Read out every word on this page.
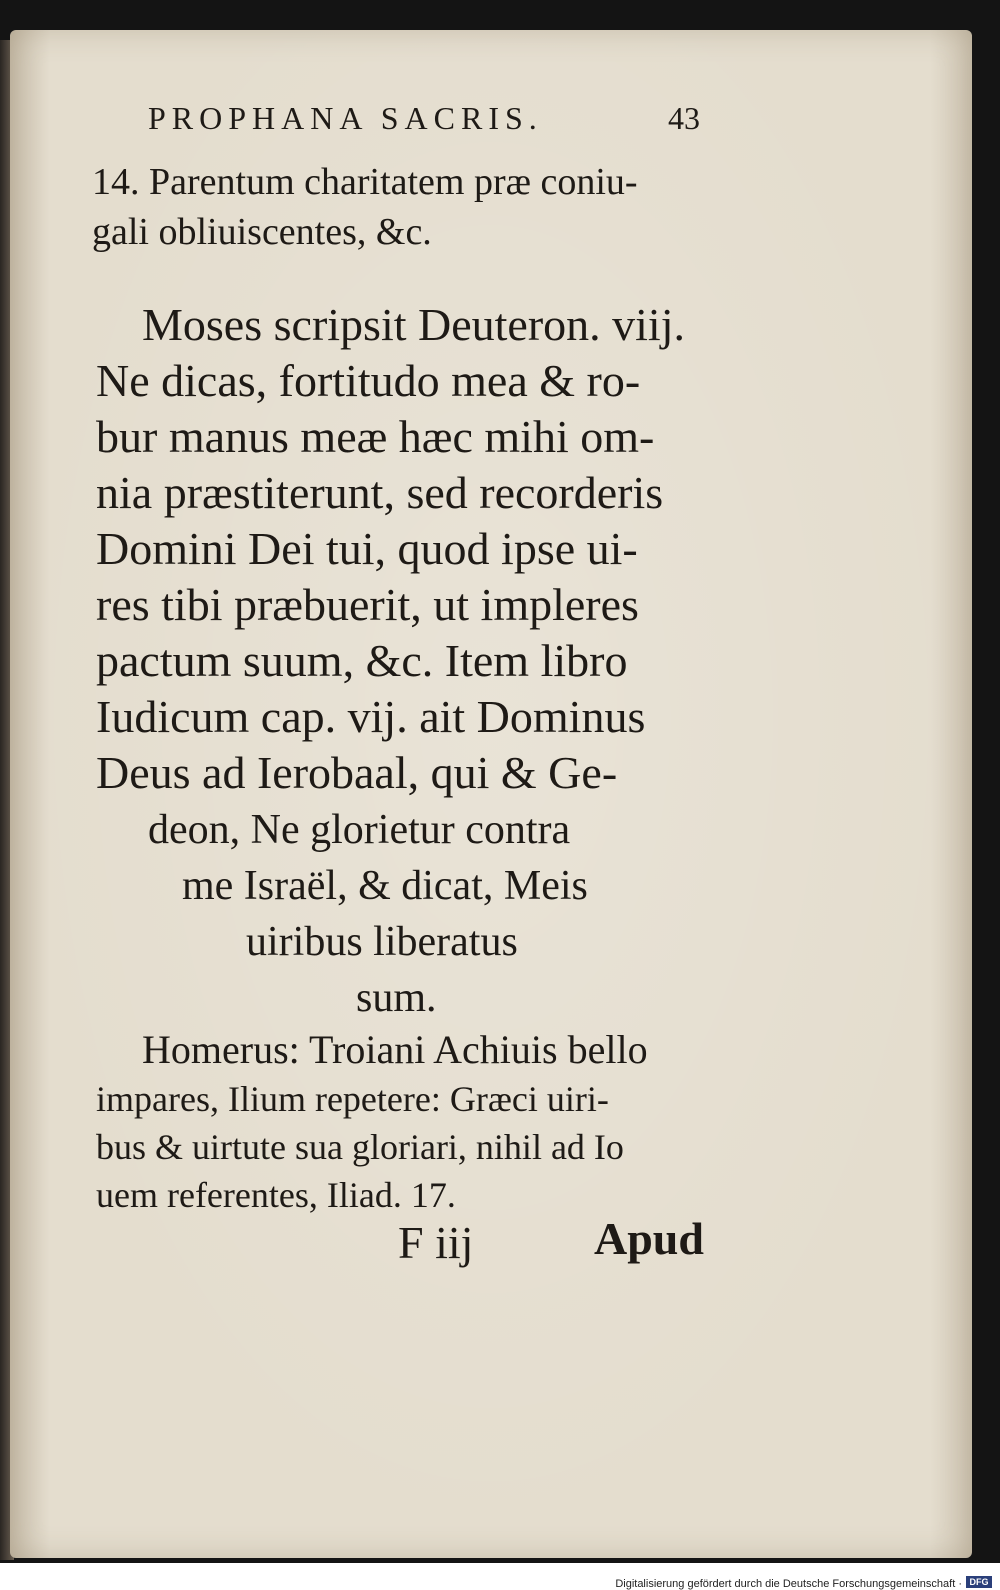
PROPHANA SACRIS.	43
14. Parentum charitatem præ coniu-
gali obliuiscentes, &c.
Moses scripsit Deuteron. viij.
Ne dicas, fortitudo mea & ro-
bur manus meæ hæc mihi om-
nia præstiterunt, sed recorderis
Domini Dei tui, quod ipse ui-
res tibi præbuerit, ut impleres
pactum suum, &c. Item libro
Iudicum cap. vij. ait Dominus
Deus ad Ierobaal, qui & Ge-
deon, Ne glorietur contra
me Israël, & dicat, Meis
uiribus liberatus
sum.
Homerus: Troiani Achiuis bello
impares, Ilium repetere: Græci uiri-
bus & uirtute sua gloriari, nihil ad Io
uem referentes, Iliad. 17.
F iij	Apud
Digitalisierung gefördert durch die Deutsche Forschungsgemeinschaft · DFG
